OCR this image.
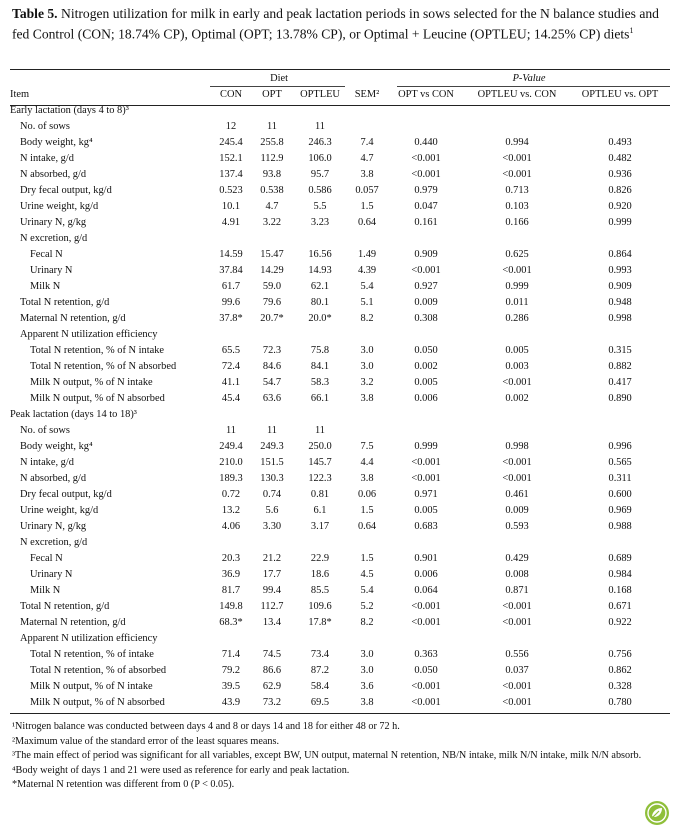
Table 5. Nitrogen utilization for milk in early and peak lactation periods in sows selected for the N balance studies and fed Control (CON; 18.74% CP), Optimal (OPT; 13.78% CP), or Optimal + Leucine (OPTLEU; 14.25% CP) diets$^1$
	Diet				P-Value		
Item	CON	OPT	OPTLEU	SEM²	OPT vs CON	OPTLEU vs. CON	OPTLEU vs. OPT
Early lactation (days 4 to 8)³							
No. of sows	12	11	11				
Body weight, kg⁴	245.4	255.8	246.3	7.4	0.440	0.994	0.493
N intake, g/d	152.1	112.9	106.0	4.7	<0.001	<0.001	0.482
N absorbed, g/d	137.4	93.8	95.7	3.8	<0.001	<0.001	0.936
Dry fecal output, kg/d	0.523	0.538	0.586	0.057	0.979	0.713	0.826
Urine weight, kg/d	10.1	4.7	5.5	1.5	0.047	0.103	0.920
Urinary N, g/kg	4.91	3.22	3.23	0.64	0.161	0.166	0.999
N excretion, g/d							
Fecal N	14.59	15.47	16.56	1.49	0.909	0.625	0.864
Urinary N	37.84	14.29	14.93	4.39	<0.001	<0.001	0.993
Milk N	61.7	59.0	62.1	5.4	0.927	0.999	0.909
Total N retention, g/d	99.6	79.6	80.1	5.1	0.009	0.011	0.948
Maternal N retention, g/d	37.8*	20.7*	20.0*	8.2	0.308	0.286	0.998
Apparent N utilization efficiency							
Total N retention, % of N intake	65.5	72.3	75.8	3.0	0.050	0.005	0.315
Total N retention, % of N absorbed	72.4	84.6	84.1	3.0	0.002	0.003	0.882
Milk N output, % of N intake	41.1	54.7	58.3	3.2	0.005	<0.001	0.417
Milk N output, % of N absorbed	45.4	63.6	66.1	3.8	0.006	0.002	0.890
Peak lactation (days 14 to 18)³							
No. of sows	11	11	11				
Body weight, kg⁴	249.4	249.3	250.0	7.5	0.999	0.998	0.996
N intake, g/d	210.0	151.5	145.7	4.4	<0.001	<0.001	0.565
N absorbed, g/d	189.3	130.3	122.3	3.8	<0.001	<0.001	0.311
Dry fecal output, kg/d	0.72	0.74	0.81	0.06	0.971	0.461	0.600
Urine weight, kg/d	13.2	5.6	6.1	1.5	0.005	0.009	0.969
Urinary N, g/kg	4.06	3.30	3.17	0.64	0.683	0.593	0.988
N excretion, g/d							
Fecal N	20.3	21.2	22.9	1.5	0.901	0.429	0.689
Urinary N	36.9	17.7	18.6	4.5	0.006	0.008	0.984
Milk N	81.7	99.4	85.5	5.4	0.064	0.871	0.168
Total N retention, g/d	149.8	112.7	109.6	5.2	<0.001	<0.001	0.671
Maternal N retention, g/d	68.3*	13.4	17.8*	8.2	<0.001	<0.001	0.922
Apparent N utilization efficiency							
Total N retention, % of intake	71.4	74.5	73.4	3.0	0.363	0.556	0.756
Total N retention, % of absorbed	79.2	86.6	87.2	3.0	0.050	0.037	0.862
Milk N output, % of N intake	39.5	62.9	58.4	3.6	<0.001	<0.001	0.328
Milk N output, % of N absorbed	43.9	73.2	69.5	3.8	<0.001	<0.001	0.780

¹Nitrogen balance was conducted between days 4 and 8 or days 14 and 18 for either 48 or 72 h.

²Maximum value of the standard error of the least squares means.

³The main effect of period was significant for all variables, except BW, UN output, maternal N retention, NB/N intake, milk N/N intake, milk N/N absorb.

⁴Body weight of days 1 and 21 were used as reference for early and peak lactation.

*Maternal N retention was different from 0 (P < 0.05).
